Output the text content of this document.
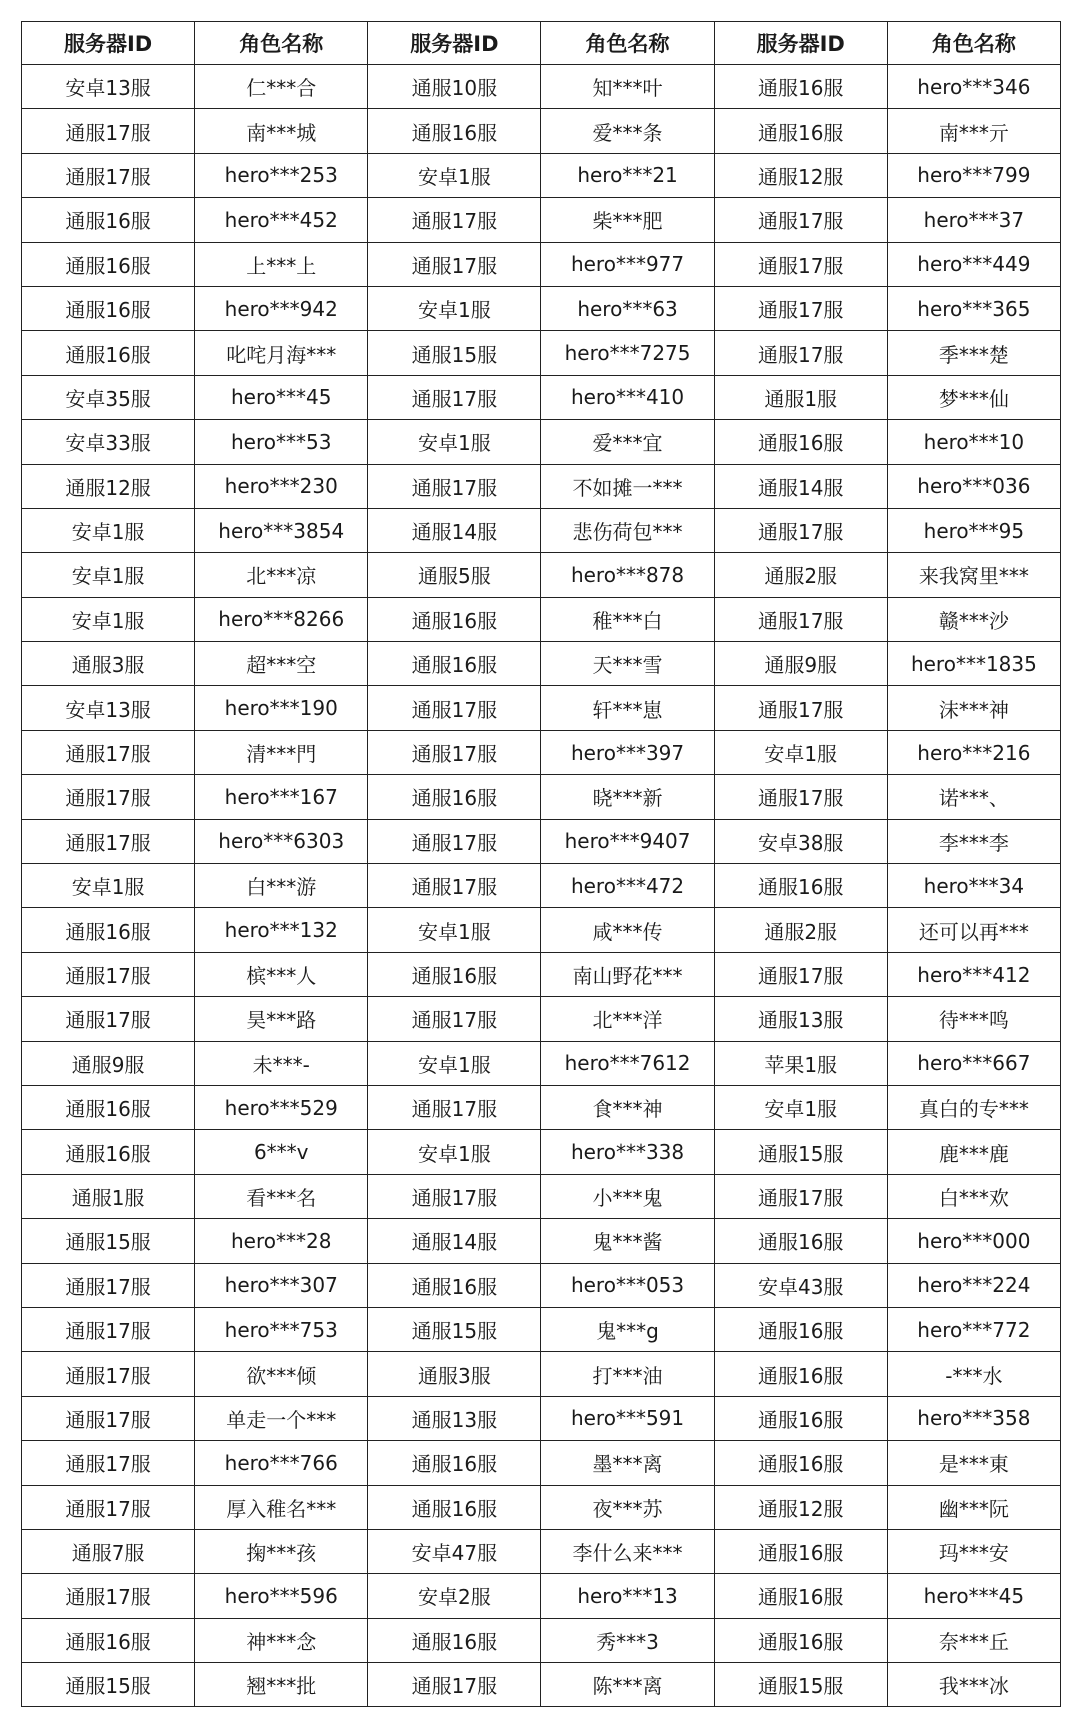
服务器ID	角色名称	服务器ID	角色名称	服务器ID	角色名称
安卓13服	仁***合	通服10服	知***叶	通服16服	hero***346
通服17服	南***城	通服16服	爱***条	通服16服	南***亓
通服17服	hero***253	安卓1服	hero***21	通服12服	hero***799
通服16服	hero***452	通服17服	柴***肥	通服17服	hero***37
通服16服	上***上	通服17服	hero***977	通服17服	hero***449
通服16服	hero***942	安卓1服	hero***63	通服17服	hero***365
通服16服	叱咤月海***	通服15服	hero***7275	通服17服	季***楚
安卓35服	hero***45	通服17服	hero***410	通服1服	梦***仙
安卓33服	hero***53	安卓1服	爱***宜	通服16服	hero***10
通服12服	hero***230	通服17服	不如摊一***	通服14服	hero***036
安卓1服	hero***3854	通服14服	悲伤荷包***	通服17服	hero***95
安卓1服	北***凉	通服5服	hero***878	通服2服	来我窝里***
安卓1服	hero***8266	通服16服	稚***白	通服17服	赣***沙
通服3服	超***空	通服16服	天***雪	通服9服	hero***1835
安卓13服	hero***190	通服17服	轩***崽	通服17服	沫***神
通服17服	清***門	通服17服	hero***397	安卓1服	hero***216
通服17服	hero***167	通服16服	晓***新	通服17服	诺***、
通服17服	hero***6303	通服17服	hero***9407	安卓38服	李***李
安卓1服	白***游	通服17服	hero***472	通服16服	hero***34
通服16服	hero***132	安卓1服	咸***传	通服2服	还可以再***
通服17服	槟***人	通服16服	南山野花***	通服17服	hero***412
通服17服	昊***路	通服17服	北***洋	通服13服	待***鸣
通服9服	未***-	安卓1服	hero***7612	苹果1服	hero***667
通服16服	hero***529	通服17服	食***神	安卓1服	真白的专***
通服16服	6***v	安卓1服	hero***338	通服15服	鹿***鹿
通服1服	看***名	通服17服	小***鬼	通服17服	白***欢
通服15服	hero***28	通服14服	鬼***酱	通服16服	hero***000
通服17服	hero***307	通服16服	hero***053	安卓43服	hero***224
通服17服	hero***753	通服15服	鬼***g	通服16服	hero***772
通服17服	欲***倾	通服3服	打***油	通服16服	-***水
通服17服	单走一个***	通服13服	hero***591	通服16服	hero***358
通服17服	hero***766	通服16服	墨***离	通服16服	是***東
通服17服	厚入稚名***	通服16服	夜***苏	通服12服	幽***阮
通服7服	掬***孩	安卓47服	李什么来***	通服16服	玛***安
通服17服	hero***596	安卓2服	hero***13	通服16服	hero***45
通服16服	神***念	通服16服	秀***3	通服16服	奈***丘
通服15服	翘***批	通服17服	陈***离	通服15服	我***冰
